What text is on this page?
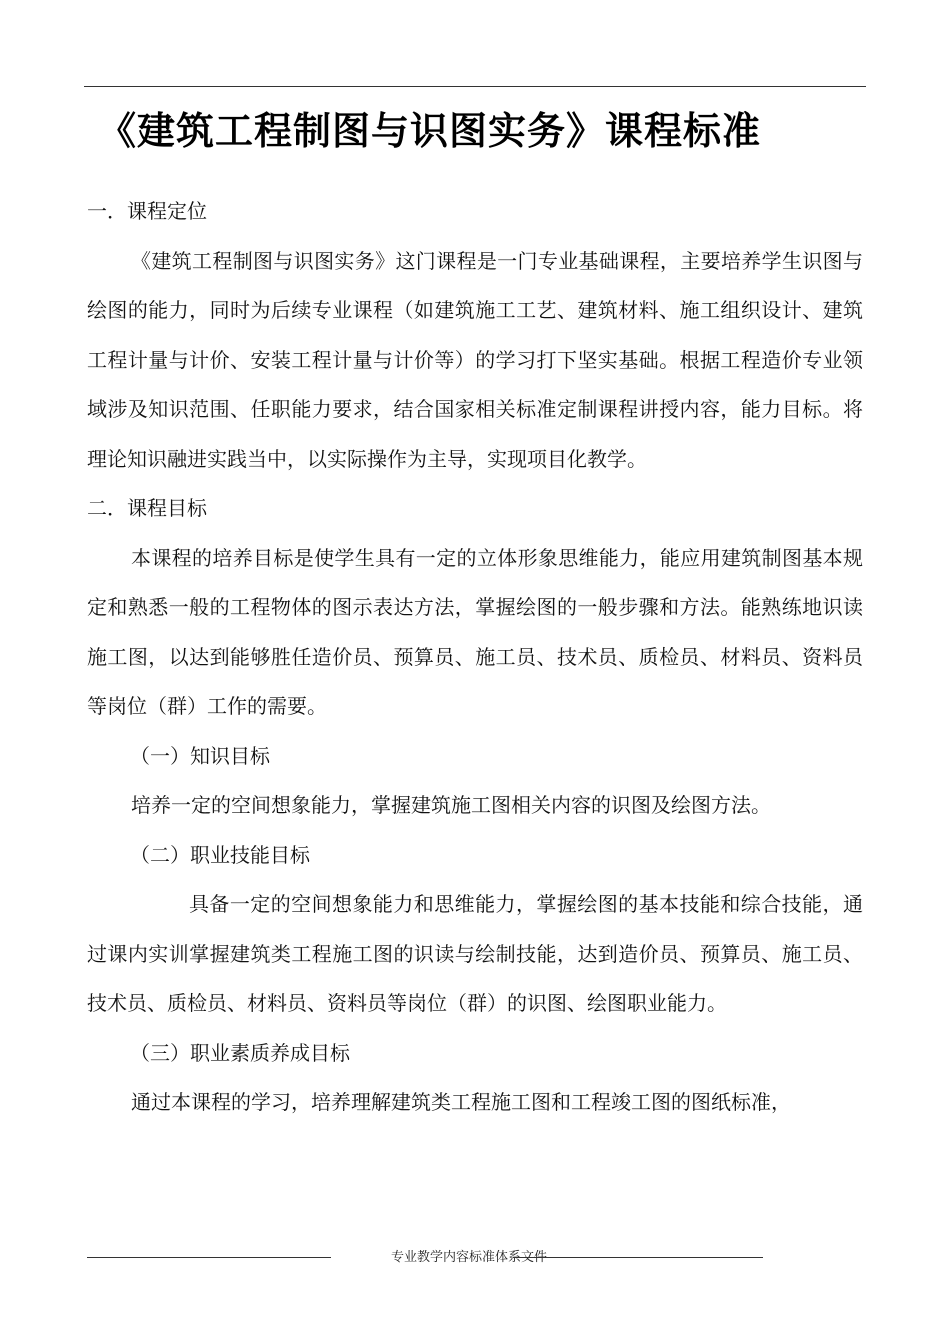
《建筑工程制图与识图实务》课程标准

一．课程定位

《建筑工程制图与识图实务》这门课程是一门专业基础课程，主要培养学生识图与绘图的能力，同时为后续专业课程（如建筑施工工艺、建筑材料、施工组织设计、建筑工程计量与计价、安装工程计量与计价等）的学习打下坚实基础。根据工程造价专业领域涉及知识范围、任职能力要求，结合国家相关标准定制课程讲授内容，能力目标。将理论知识融进实践当中，以实际操作为主导，实现项目化教学。

二．课程目标

本课程的培养目标是使学生具有一定的立体形象思维能力，能应用建筑制图基本规定和熟悉一般的工程物体的图示表达方法，掌握绘图的一般步骤和方法。能熟练地识读施工图，以达到能够胜任造价员、预算员、施工员、技术员、质检员、材料员、资料员等岗位（群）工作的需要。

（一）知识目标

培养一定的空间想象能力，掌握建筑施工图相关内容的识图及绘图方法。

（二）职业技能目标

具备一定的空间想象能力和思维能力，掌握绘图的基本技能和综合技能，通过课内实训掌握建筑类工程施工图的识读与绘制技能，达到造价员、预算员、施工员、技术员、质检员、材料员、资料员等岗位（群）的识图、绘图职业能力。

（三）职业素质养成目标

通过本课程的学习，培养理解建筑类工程施工图和工程竣工图的图纸标准，

专业教学内容标准体系文件
